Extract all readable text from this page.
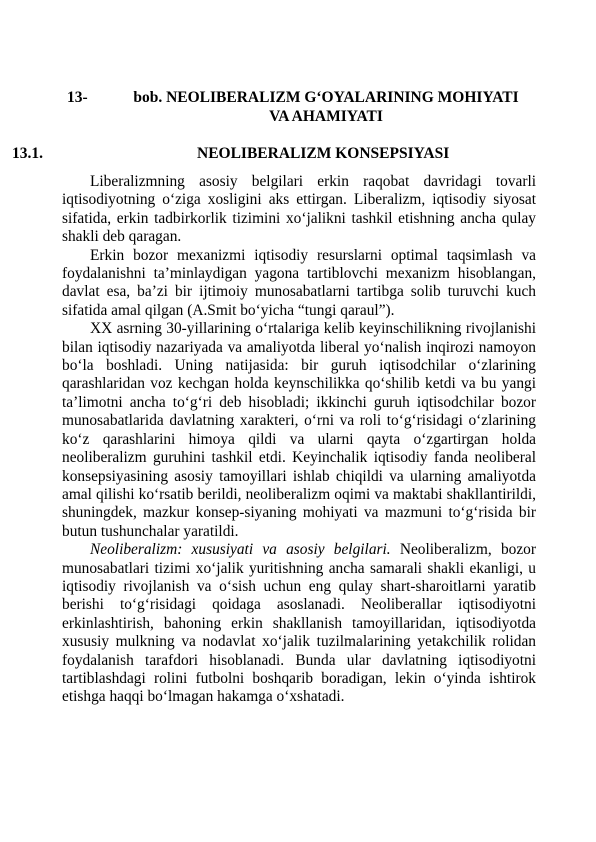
13-	bob. NEOLIBERALIZM G‘OYALARINING MOHIYATI VA AHAMIYATI
13.1.	NEOLIBERALIZM KONSEPSIYASI

Liberalizmning asosiy belgilari erkin raqobat davridagi tovarli iqtisodiyotning o‘ziga xosligini aks ettirgan. Liberalizm, iqtisodiy siyosat sifatida, erkin tadbirkorlik tizimini xo‘jalikni tashkil etishning ancha qulay shakli deb qaragan.

Erkin bozor mexanizmi iqtisodiy resurslarni optimal taqsimlash va foydalanishni ta’minlaydigan yagona tartiblovchi mexanizm hisoblangan, davlat esa, ba’zi bir ijtimoiy munosabatlarni tartibga solib turuvchi kuch sifatida amal qilgan (A.Smit bo‘yicha “tungi qaraul”).

XX asrning 30-yillarining o‘rtalariga kelib keyinschilikning rivojlanishi bilan iqtisodiy nazariyada va amaliyotda liberal yo‘nalish inqirozi namoyon bo‘la boshladi. Uning natijasida: bir guruh iqtisodchilar o‘zlarining qarashlaridan voz kechgan holda keynschilikka qo‘shilib ketdi va bu yangi ta’limotni ancha to‘g‘ri deb hisobladi; ikkinchi guruh iqtisodchilar bozor munosabatlarida davlatning xarakteri, o‘rni va roli to‘g‘risidagi o‘zlarining ko‘z qarashlarini himoya qildi va ularni qayta o‘zgartirgan holda neoliberalizm guruhini tashkil etdi. Keyinchalik iqtisodiy fanda neoliberal konsepsiyasining asosiy tamoyillari ishlab chiqildi va ularning amaliyotda amal qilishi ko‘rsatib berildi, neoliberalizm oqimi va maktabi shakllantirildi, shuningdek, mazkur konsep-siyaning mohiyati va mazmuni to‘g‘risida bir butun tushunchalar yaratildi.

Neoliberalizm: xususiyati va asosiy belgilari. Neoliberalizm, bozor munosabatlari tizimi xo‘jalik yuritishning ancha samarali shakli ekanligi, u iqtisodiy rivojlanish va o‘sish uchun eng qulay shart-sharoitlarni yaratib berishi to‘g‘risidagi qoidaga asoslanadi. Neoliberallar iqtisodiyotni erkinlashtirish, bahoning erkin shakllanish tamoyillaridan, iqtisodiyotda xususiy mulkning va nodavlat xo‘jalik tuzilmalarining yetakchilik rolidan foydalanish tarafdori hisoblanadi. Bunda ular davlatning iqtisodiyotni tartiblashdagi rolini futbolni boshqarib boradigan, lekin o‘yinda ishtirok etishga haqqi bo‘lmagan hakamga o‘xshatadi.
